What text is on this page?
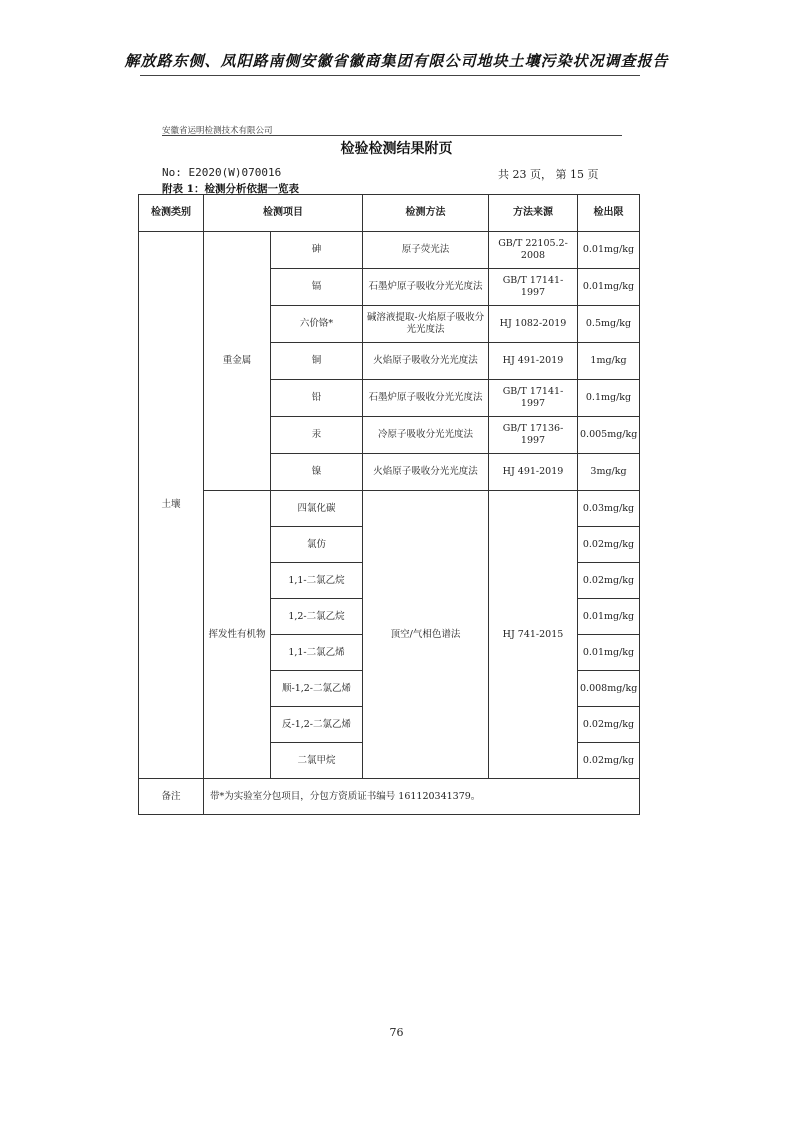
解放路东侧、凤阳路南侧安徽省徽商集团有限公司地块土壤污染状况调查报告
安徽省运明检测技术有限公司
检验检测结果附页
No: E2020(W)070016	共 23 页， 第 15 页
附表 1：检测分析依据一览表
检测类别	检测项目		检测方法	方法来源	检出限
土壤	重金属	砷	原子荧光法	GB/T 22105.2-2008	0.01mg/kg
		镉	石墨炉原子吸收分光光度法	GB/T 17141-1997	0.01mg/kg
		六价铬*	碱溶液提取-火焰原子吸收分光光度法	HJ 1082-2019	0.5mg/kg
		铜	火焰原子吸收分光光度法	HJ 491-2019	1mg/kg
		铅	石墨炉原子吸收分光光度法	GB/T 17141-1997	0.1mg/kg
		汞	冷原子吸收分光光度法	GB/T 17136-1997	0.005mg/kg
		镍	火焰原子吸收分光光度法	HJ 491-2019	3mg/kg
	挥发性有机物	四氯化碳	顶空/气相色谱法	HJ 741-2015	0.03mg/kg
		氯仿			0.02mg/kg
		1,1-二氯乙烷			0.02mg/kg
		1,2-二氯乙烷			0.01mg/kg
		1,1-二氯乙烯			0.01mg/kg
		顺-1,2-二氯乙烯			0.008mg/kg
		反-1,2-二氯乙烯			0.02mg/kg
		二氯甲烷			0.02mg/kg
备注	带*为实验室分包项目，分包方资质证书编号 161120341379。				
76
